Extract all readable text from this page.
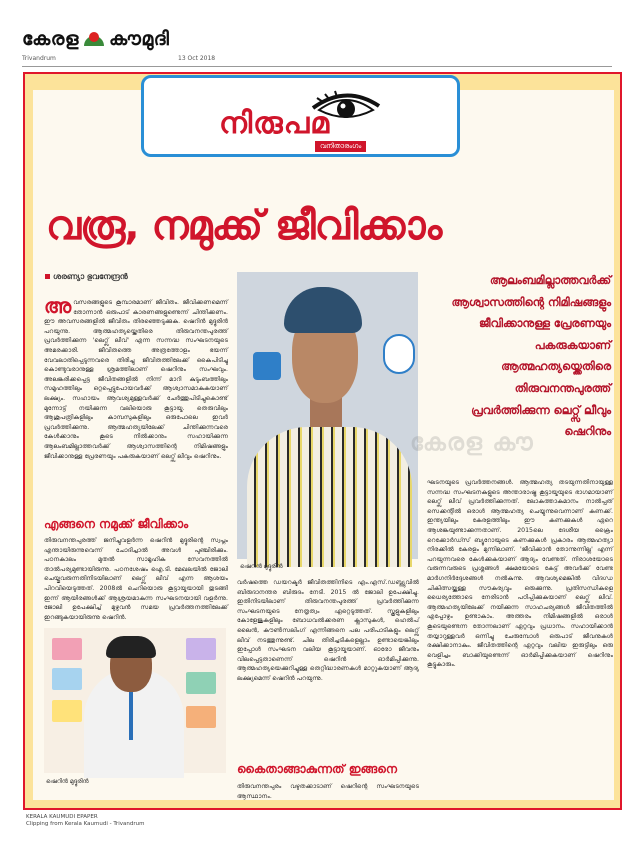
കേരള കൗമുദി
Trivandrum	13 Oct 2018
നിരുപമ
വനിതാരംഗം
വരൂ, നമുക്ക് ജീവിക്കാം
ശരണ്യാ ഭുവനേന്ദ്രൻ
അവസരങ്ങളുടെ കൂമ്പാരമാണ് ജീവിതം. ജീവിക്കണമെന്ന് തോന്നാൻ ഒരുപാട് കാരണങ്ങളുണ്ടെന്ന് ചിന്തിക്കണം. ഈ അവസരങ്ങളിൽ ജീവിതം തിരഞ്ഞെടുക്കുക. ഷെറിൻ മുദ്ദൂരിൻ പറയുന്നു. ആത്മഹത്യയ്ക്കെതിരെ തിരുവനന്തപുരത്ത് പ്രവർത്തിക്കുന്ന 'ലെറ്റ്സ് ലീവ്' എന്ന സന്നദ്ധ സംഘടനയുടെ അമരക്കാരി. ജീവിതത്തെ അത്രത്തോളം ഭയന്ന് വേവലാതിപ്പെടുന്നവരെ തിരിച്ചു ജീവിതത്തിലേക്ക് കൈപിടിച്ചു കൊണ്ടുവരാനുള്ള ശ്രമത്തിലാണ് ഷെറിനും സംഘവും. അലങ്കരിക്കപ്പെട്ട ജീവിതങ്ങളിൽ നിന്ന് മാറി കുടുംബത്തിലും സമൂഹത്തിലും ഒറ്റപ്പെട്ടുപോയവർക്ക് ആശ്വാസമാകുകയാണ് ലക്ഷ്യം. സഹായം ആവശ്യമുള്ളവർക്ക് ചേർത്തുപിടിച്ചുകൊണ്ട് മുന്നോട്ട് നയിക്കുന്ന വലിയൊരു കൂട്ടായ്മ. തെരുവിലും ആശുപത്രികളിലും കാമ്പസുകളിലും ഒരുപോലെ ഇവർ പ്രവർത്തിക്കുന്നു. ആത്മഹത്യയിലേക്ക് ചിന്തിക്കുന്നവരെ കേൾക്കാനും കൂടെ നിൽക്കാനും സഹായിക്കുന്ന ആലംബമില്ലാത്തവർക്ക് ആശ്വാസത്തിന്റെ നിമിഷങ്ങളും ജീവിക്കാനുള്ള പ്രേരണയും പകരുകയാണ് ലെറ്റ്സ് ലീവും ഷെറിനും.
എങ്ങനെ നമുക്ക് ജീവിക്കാം
തിരുവനന്തപുരത്ത് ജനിച്ചുവളർന്ന ഷെറിൻ മുദ്ദൂരിന്റെ സ്വപ്നം എന്തായിരുന്നുവെന്ന് ചോദിച്ചാൽ അവൾ പുഞ്ചിരിക്കും. പഠനകാലം മുതൽ സാമൂഹിക സേവനത്തിൽ താൽപര്യമുണ്ടായിരുന്നു. പഠനശേഷം ഐ.ടി. മേഖലയിൽ ജോലി ചെയ്തുവരുന്നതിനിടയിലാണ് ലെറ്റ്സ് ലീവ് എന്ന ആശയം പിറവിയെടുത്തത്. 2008ൽ ചെറിയൊരു കൂട്ടായ്മയായി തുടങ്ങി ഇന്ന് ആയിരങ്ങൾക്ക് ആശ്രയമാകുന്ന സംഘടനയായി വളർന്നു. ജോലി ഉപേക്ഷിച്ച് മുഴുവൻ സമയ പ്രവർത്തനത്തിലേക്ക് ഇറങ്ങുകയായിരുന്നു ഷെറിൻ.
ഷെറിൻ മുദ്ദൂരിൻ
വർഷത്തെ ഡയറക്ടർ ജീവിതത്തിനിടെ എം.എസ്.ഡബ്ല്യുവിൽ ബിരുദാനന്തര ബിരുദം നേടി. 2015 ൽ ജോലി ഉപേക്ഷിച്ചു. ഇതിനിടയിലാണ് തിരുവനന്തപുരത്ത് പ്രവർത്തിക്കുന്ന സംഘടനയുടെ നേതൃത്വം ഏറ്റെടുത്തത്. സ്കൂളുകളിലും കോളേജുകളിലും ബോധവൽക്കരണ ക്ലാസുകൾ, ഹെൽപ് ലൈൻ, കൗൺസലിംഗ് എന്നിങ്ങനെ പല പരിപാടികളും ലെറ്റ്സ് ലീവ് നടത്തുന്നുണ്ട്. ചില തിരിച്ചടികളെല്ലാം ഉണ്ടായെങ്കിലും ഇപ്പോൾ സംഘടന വലിയ കൂട്ടായ്മയാണ്. ഓരോ ജീവനും വിലപ്പെട്ടതാണെന്ന് ഷെറിൻ ഓർമിപ്പിക്കുന്നു. ആത്മഹത്യയെക്കുറിച്ചുള്ള തെറ്റിദ്ധാരണകൾ മാറ്റുകയാണ് ആദ്യ ലക്ഷ്യമെന്ന് ഷെറിൻ പറയുന്നു.
കൈതാങ്ങാകുന്നത് ഇങ്ങനെ
തിരുവനന്തപുരം വഴുതക്കാടാണ് ഷെറിന്റെ സംഘടനയുടെ ആസ്ഥാനം.
ഷെറിൻ മുദ്ദൂരിൻ
ആലംബമില്ലാത്തവർക്ക് ആശ്വാസത്തിന്റെ നിമിഷങ്ങളും ജീവിക്കാനുള്ള പ്രേരണയും പകരുകയാണ് ആത്മഹത്യയ്ക്കെതിരെ തിരുവനന്തപുരത്ത് പ്രവർത്തിക്കുന്ന ലെറ്റ്സ് ലീവും ഷെറിനും
ഘടനയുടെ പ്രവർത്തനങ്ങൾ. ആത്മഹത്യ തടയുന്നതിനായുള്ള സന്നദ്ധ സംഘടനകളുടെ അന്താരാഷ്ട്ര കൂട്ടായ്മയുടെ ഭാഗമായാണ് ലെറ്റ്സ് ലീവ് പ്രവർത്തിക്കുന്നത്. ലോകത്താകമാനം നാൽപ്പത് സെക്കന്റിൽ ഒരാൾ ആത്മഹത്യ ചെയ്യുന്നുവെന്നാണ് കണക്ക്. ഇന്ത്യയിലും കേരളത്തിലും ഈ കണക്കുകൾ ഏറെ ആശങ്കയുണ്ടാക്കുന്നതാണ്. 2015ലെ ദേശീയ ക്രൈം റെക്കോർഡ്സ് ബ്യൂറോയുടെ കണക്കുകൾ പ്രകാരം ആത്മഹത്യാ നിരക്കിൽ കേരളം മുന്നിലാണ്. 'ജീവിക്കാൻ തോന്നുന്നില്ല' എന്ന് പറയുന്നവരെ കേൾക്കുകയാണ് ആദ്യം വേണ്ടത്. നിരാശയോടെ വരുന്നവരുടെ പ്രശ്നങ്ങൾ ക്ഷമയോടെ കേട്ട് അവർക്ക് വേണ്ട മാർഗനിർദ്ദേശങ്ങൾ നൽകുന്നു. ആവശ്യമെങ്കിൽ വിദഗ്ധ ചികിത്സയ്ക്കുള്ള സൗകര്യവും ഒരുക്കുന്നു. പ്രതിസന്ധികളെ ധൈര്യത്തോടെ നേരിടാൻ പഠിപ്പിക്കുകയാണ് ലെറ്റ്സ് ലീവ്. ആത്മഹത്യയിലേക്ക് നയിക്കുന്ന സാഹചര്യങ്ങൾ ജീവിതത്തിൽ എപ്പോഴും ഉണ്ടാകാം. അത്തരം നിമിഷങ്ങളിൽ ഒരാൾ കൂടെയുണ്ടെന്ന തോന്നലാണ് ഏറ്റവും പ്രധാനം. സഹായിക്കാൻ തയ്യാറുള്ളവർ ഒന്നിച്ചു ചേരുമ്പോൾ ഒരുപാട് ജീവനുകൾ രക്ഷിക്കാനാകും. ജീവിതത്തിന്റെ ഏറ്റവും വലിയ ഇരുട്ടിലും ഒരു വെളിച്ചം ബാക്കിയുണ്ടെന്ന് ഓർമിപ്പിക്കുകയാണ് ഷെറിനും കൂട്ടുകാരും.
കേരള കൗ
KERALA KAUMUDI EPAPER
Clipping from Kerala Kaumudi - Trivandrum
